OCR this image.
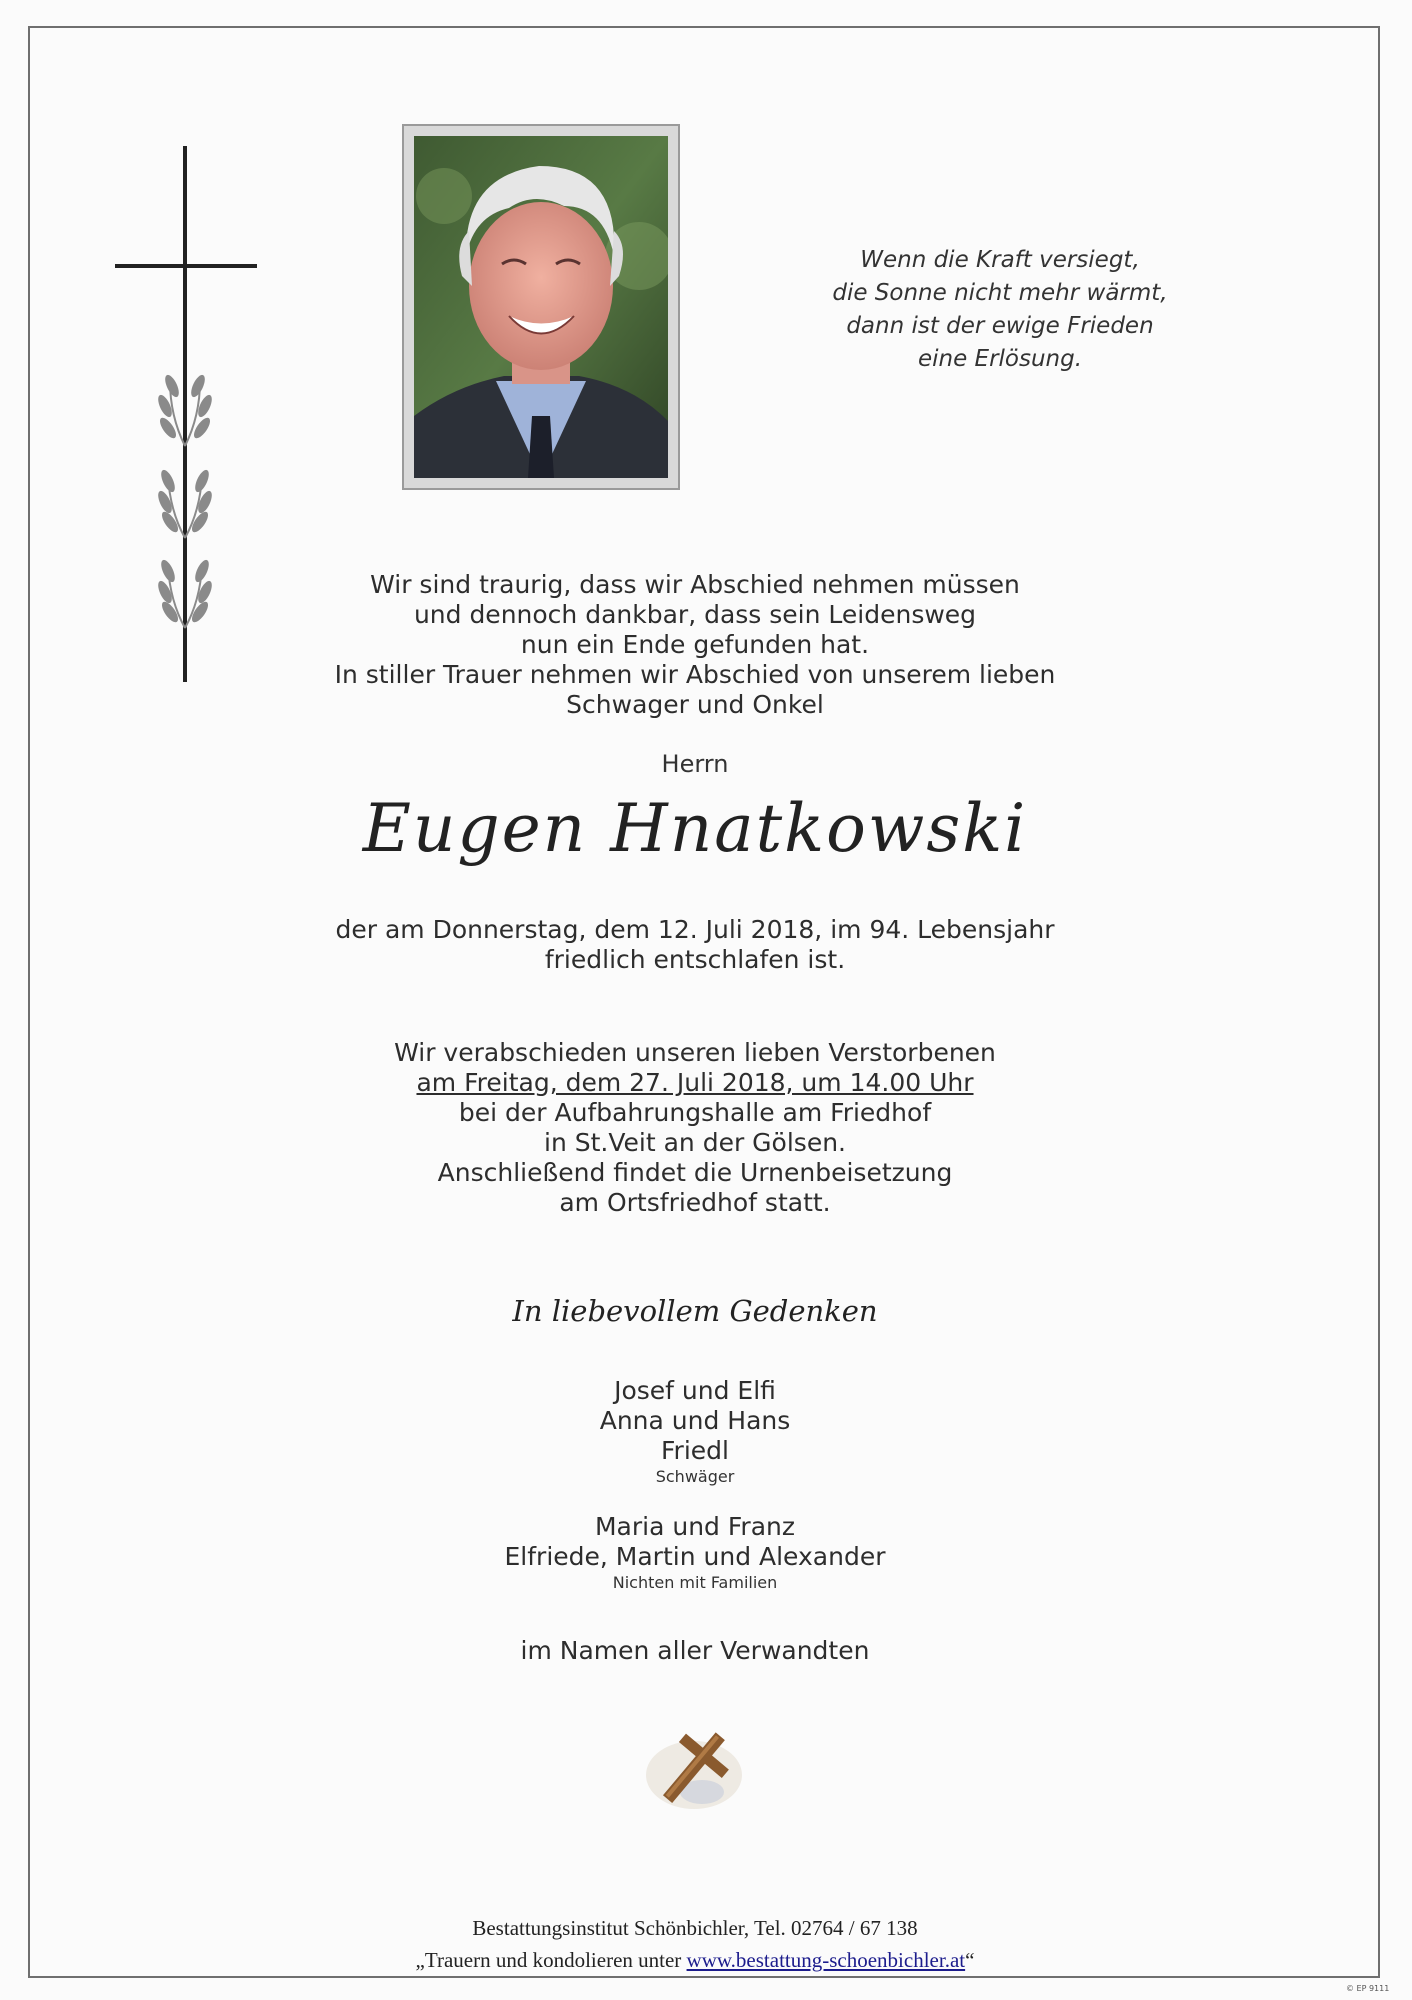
Wenn die Kraft versiegt,
die Sonne nicht mehr wärmt,
dann ist der ewige Frieden
eine Erlösung.
Wir sind traurig, dass wir Abschied nehmen müssen
und dennoch dankbar, dass sein Leidensweg
nun ein Ende gefunden hat.
In stiller Trauer nehmen wir Abschied von unserem lieben
Schwager und Onkel
Herrn
Eugen Hnatkowski
der am Donnerstag, dem 12. Juli 2018, im 94. Lebensjahr
friedlich entschlafen ist.
Wir verabschieden unseren lieben Verstorbenen
am Freitag, dem 27. Juli 2018, um 14.00 Uhr
bei der Aufbahrungshalle am Friedhof
in St.Veit an der Gölsen.
Anschließend findet die Urnenbeisetzung
am Ortsfriedhof statt.
In liebevollem Gedenken
Josef und Elfi
Anna und Hans
Friedl
Schwäger
Maria und Franz
Elfriede, Martin und Alexander
Nichten mit Familien
im Namen aller Verwandten
Bestattungsinstitut Schönbichler, Tel. 02764 / 67 138
„Trauern und kondolieren unter www.bestattung-schoenbichler.at“
© EP 9111
